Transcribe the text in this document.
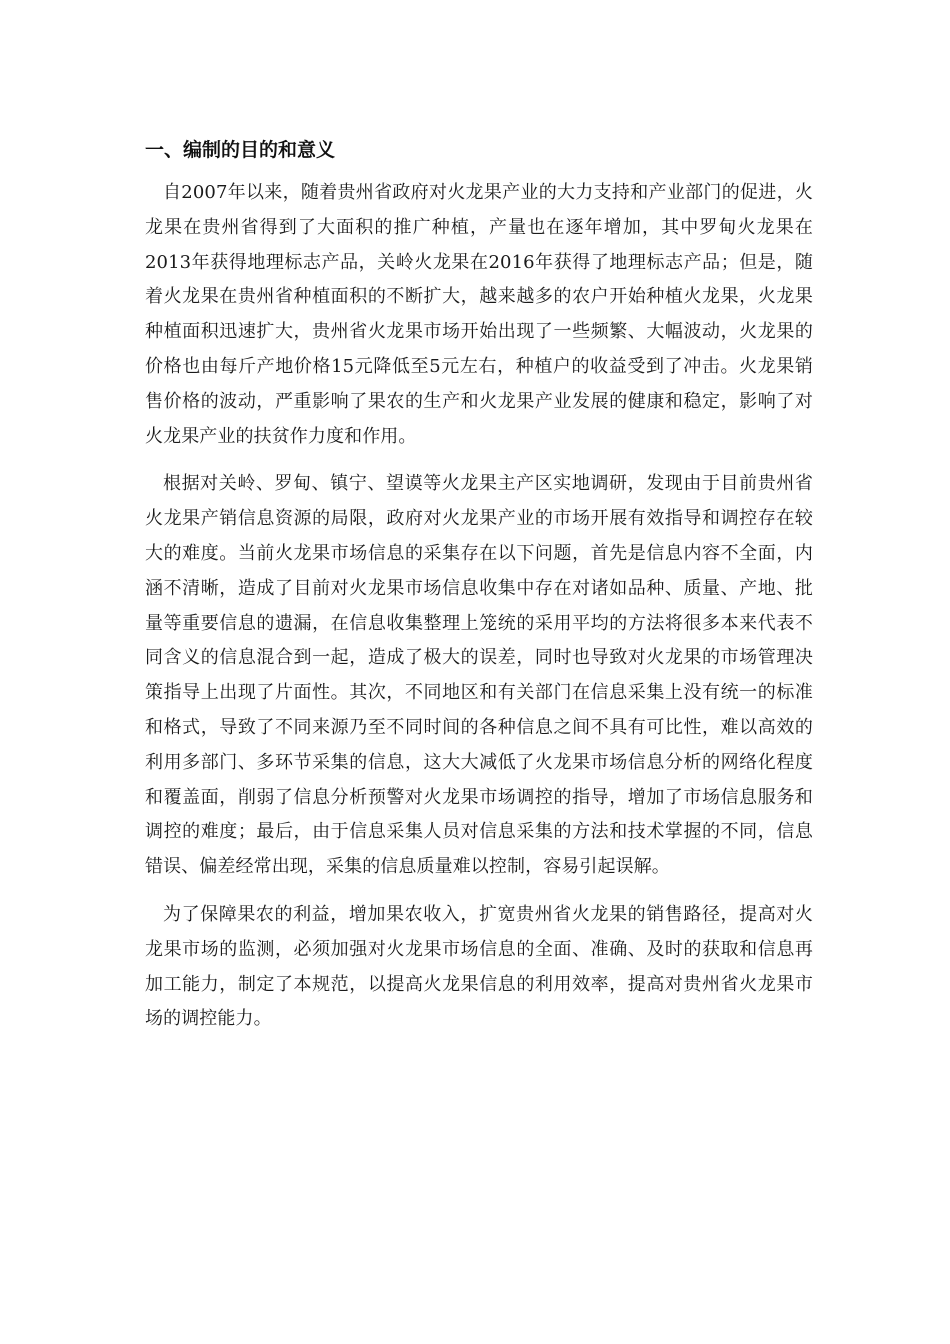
一、编制的目的和意义

自2007年以来，随着贵州省政府对火龙果产业的大力支持和产业部门的促进，火龙果在贵州省得到了大面积的推广种植，产量也在逐年增加，其中罗甸火龙果在2013年获得地理标志产品，关岭火龙果在2016年获得了地理标志产品；但是，随着火龙果在贵州省种植面积的不断扩大，越来越多的农户开始种植火龙果，火龙果种植面积迅速扩大，贵州省火龙果市场开始出现了一些频繁、大幅波动，火龙果的价格也由每斤产地价格15元降低至5元左右，种植户的收益受到了冲击。火龙果销售价格的波动，严重影响了果农的生产和火龙果产业发展的健康和稳定，影响了对火龙果产业的扶贫作力度和作用。

根据对关岭、罗甸、镇宁、望谟等火龙果主产区实地调研，发现由于目前贵州省火龙果产销信息资源的局限，政府对火龙果产业的市场开展有效指导和调控存在较大的难度。当前火龙果市场信息的采集存在以下问题，首先是信息内容不全面，内涵不清晰，造成了目前对火龙果市场信息收集中存在对诸如品种、质量、产地、批量等重要信息的遗漏，在信息收集整理上笼统的采用平均的方法将很多本来代表不同含义的信息混合到一起，造成了极大的误差，同时也导致对火龙果的市场管理决策指导上出现了片面性。其次，不同地区和有关部门在信息采集上没有统一的标准和格式，导致了不同来源乃至不同时间的各种信息之间不具有可比性，难以高效的利用多部门、多环节采集的信息，这大大减低了火龙果市场信息分析的网络化程度和覆盖面，削弱了信息分析预警对火龙果市场调控的指导，增加了市场信息服务和调控的难度；最后，由于信息采集人员对信息采集的方法和技术掌握的不同，信息错误、偏差经常出现，采集的信息质量难以控制，容易引起误解。

为了保障果农的利益，增加果农收入，扩宽贵州省火龙果的销售路径，提高对火龙果市场的监测，必须加强对火龙果市场信息的全面、准确、及时的获取和信息再加工能力，制定了本规范，以提高火龙果信息的利用效率，提高对贵州省火龙果市场的调控能力。
